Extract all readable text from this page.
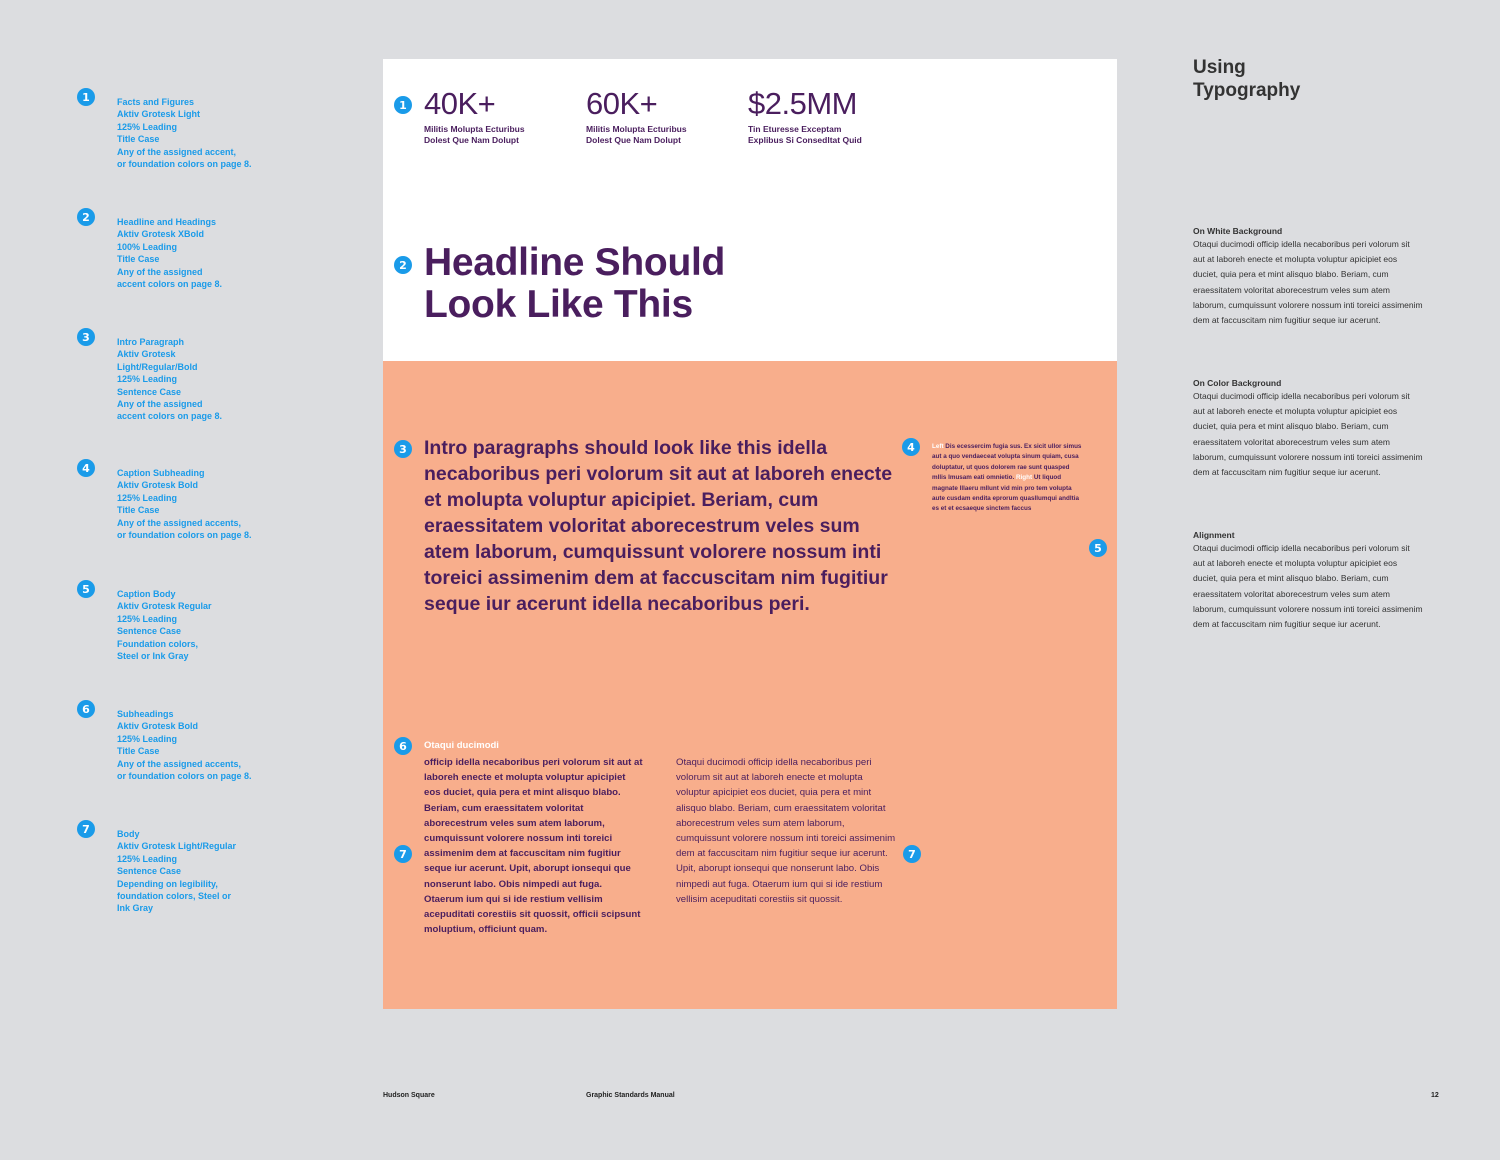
1	Facts and Figures
Aktiv Grotesk Light
125% Leading
Title Case
Any of the assigned accent,
or foundation colors on page 8.
2	Headline and Headings
Aktiv Grotesk XBold
100% Leading
Title Case
Any of the assigned
accent colors on page 8.
3	Intro Paragraph
Aktiv Grotesk
Light/Regular/Bold
125% Leading
Sentence Case
Any of the assigned
accent colors on page 8.
4	Caption Subheading
Aktiv Grotesk Bold
125% Leading
Title Case
Any of the assigned accents,
or foundation colors on page 8.
5	Caption Body
Aktiv Grotesk Regular
125% Leading
Sentence Case
Foundation colors,
Steel or Ink Gray
6	Subheadings
Aktiv Grotesk Bold
125% Leading
Title Case
Any of the assigned accents,
or foundation colors on page 8.
7	Body
Aktiv Grotesk Light/Regular
125% Leading
Sentence Case
Depending on legibility,
foundation colors, Steel or
Ink Gray
1 40K+
Militis Molupta Ecturibus
Dolest Que Nam Dolupt
60K+
Militis Molupta Ecturibus
Dolest Que Nam Dolupt
$2.5MM
Tin Eturesse Exceptam
Explibus Si Consedltat Quid
2 Headline Should
Look Like This
3 Intro paragraphs should look like this idella necaboribus peri volorum sit aut at laboreh enecte et molupta voluptur apicipiet. Beriam, cum eraessitatem voloritat aborecestrum veles sum atem laborum, cumquissunt volorere nossum inti toreici assimenim dem at faccuscitam nim fugitiur seque iur acerunt idella necaboribus peri.
4	Left Dis ecessercim fugia sus. Ex sicit ullor simus aut a quo vendaeceat volupta sinum quiam, cusa doluptatur, ut quos dolorem rae sunt quasped mllis Imusam eati omnietio. Right Ut liquod magnate lllaeru mllunt vid min pro tem volupta aute cusdam endita eprorum quasllumqui andltia es et et ecsaeque sinctem faccus
5
6	Otaqui ducimodi
officip idella necaboribus peri volorum sit aut at laboreh enecte et molupta voluptur apicipiet eos duciet, quia pera et mint alisquo blabo. Beriam, cum eraessitatem voloritat aborecestrum veles sum atem laborum, cumquissunt volorere nossum inti toreici assimenim dem at faccuscitam nim fugitiur seque iur acerunt. Upit, aborupt ionsequi que nonserunt labo. Obis nimpedi aut fuga. Otaerum ium qui si ide restium vellisim acepuditati corestiis sit quossit, officii scipsunt moluptium, officiunt quam.
Otaqui ducimodi officip idella necaboribus peri volorum sit aut at laboreh enecte et molupta voluptur apicipiet eos duciet, quia pera et mint alisquo blabo. Beriam, cum eraessitatem voloritat aborecestrum veles sum atem laborum, cumquissunt volorere nossum inti toreici assimenim dem at faccuscitam nim fugitiur seque iur acerunt. Upit, aborupt ionsequi que nonserunt labo. Obis nimpedi aut fuga. Otaerum ium qui si ide restium vellisim acepuditati corestiis sit quossit.
7	7
Using
Typography
On White Background
Otaqui ducimodi officip idella necaboribus peri volorum sit aut at laboreh enecte et molupta voluptur apicipiet eos duciet, quia pera et mint alisquo blabo. Beriam, cum eraessitatem voloritat aborecestrum veles sum atem laborum, cumquissunt volorere nossum inti toreici assimenim dem at faccuscitam nim fugitiur seque iur acerunt.
On Color Background
Otaqui ducimodi officip idella necaboribus peri volorum sit aut at laboreh enecte et molupta voluptur apicipiet eos duciet, quia pera et mint alisquo blabo. Beriam, cum eraessitatem voloritat aborecestrum veles sum atem laborum, cumquissunt volorere nossum inti toreici assimenim dem at faccuscitam nim fugitiur seque iur acerunt.
Alignment
Otaqui ducimodi officip idella necaboribus peri volorum sit aut at laboreh enecte et molupta voluptur apicipiet eos duciet, quia pera et mint alisquo blabo. Beriam, cum eraessitatem voloritat aborecestrum veles sum atem laborum, cumquissunt volorere nossum inti toreici assimenim dem at faccuscitam nim fugitiur seque iur acerunt.
Hudson Square	Graphic Standards Manual	12
